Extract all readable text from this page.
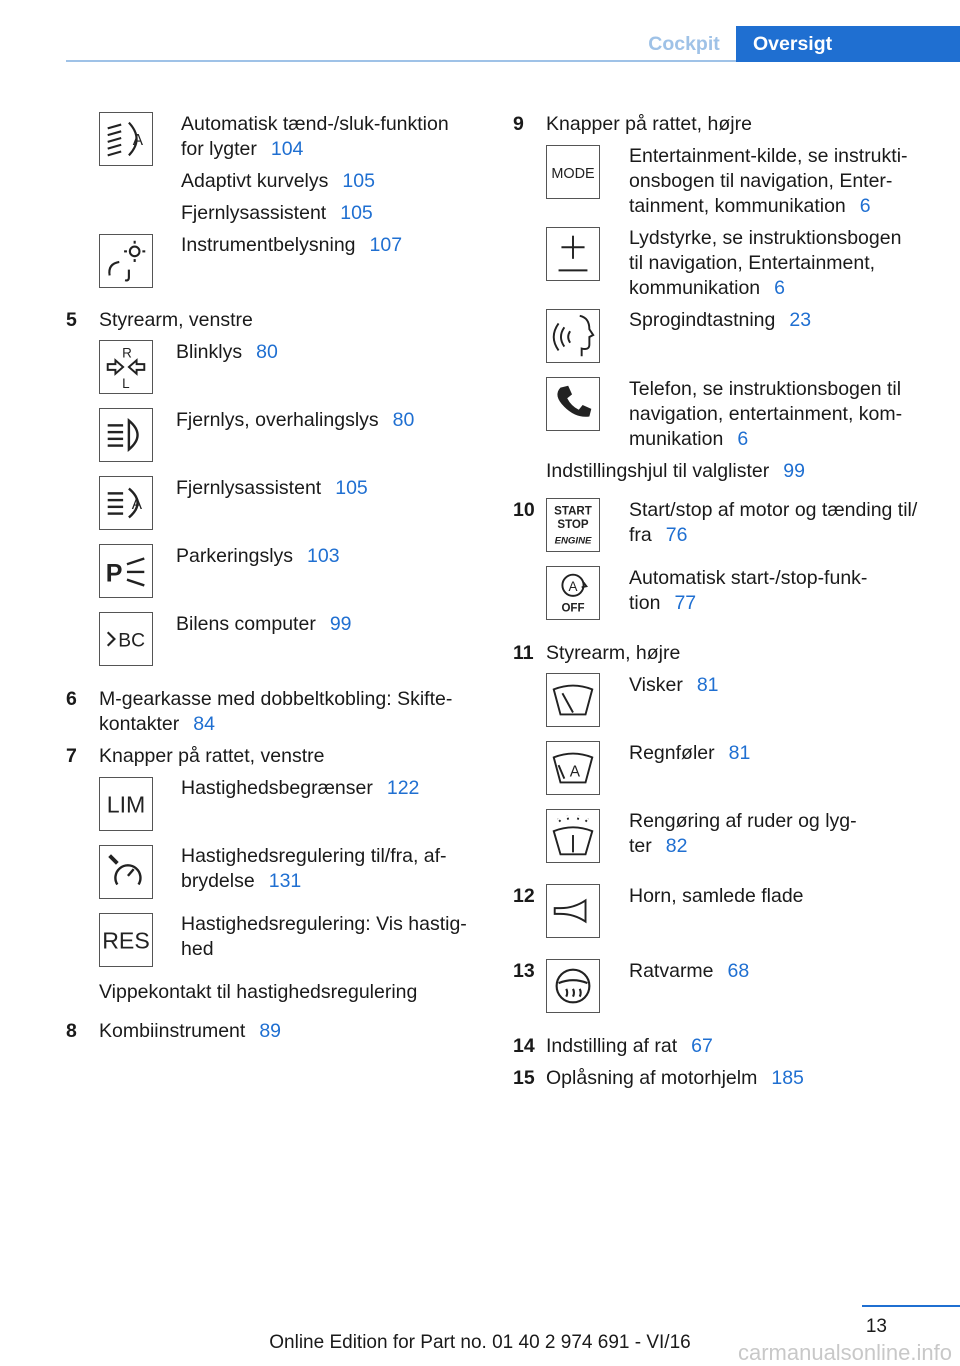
Cockpit	Oversigt
A
Automatisk tænd-/sluk-funktion
for lygter 104
Adaptivt kurvelys 105
Fjernlysassistent 105
Instrumentbelysning 107
5 Styrearm, venstre
R
L
Blinklys 80
Fjernlys, overhalingslys 80
A
Fjernlysassistent 105
P
Parkeringslys 103
BC
Bilens computer 99
6 M-gearkasse med dobbeltkobling: Skifte-
kontakter 84
7 Knapper på rattet, venstre
LIM
Hastighedsbegrænser 122
Hastighedsregulering til/fra, af-
brydelse 131
RES
Hastighedsregulering: Vis hastig-
hed
Vippekontakt til hastighedsregulering
8 Kombiinstrument 89
9 Knapper på rattet, højre
MODE
Entertainment-kilde, se instrukti-
onsbogen til navigation, Enter-
tainment, kommunikation 6
Lydstyrke, se instruktionsbogen
til navigation, Entertainment,
kommunikation 6
Sprogindtastning 23
Telefon, se instruktionsbogen til
navigation, entertainment, kom-
munikation 6
Indstillingshjul til valglister 99
10 START
STOP
ENGINE
Start/stop af motor og tænding til/
fra 76
A
OFF
Automatisk start-/stop-funk-
tion 77
11 Styrearm, højre
Visker 81
A
Regnføler 81
Rengøring af ruder og lyg-
ter 82
12	Horn, samlede flade
13	Ratvarme 68
14 Indstilling af rat 67
15 Oplåsning af motorhjelm 185
13
Online Edition for Part no. 01 40 2 974 691 - VI/16	carmanualsonline.info
